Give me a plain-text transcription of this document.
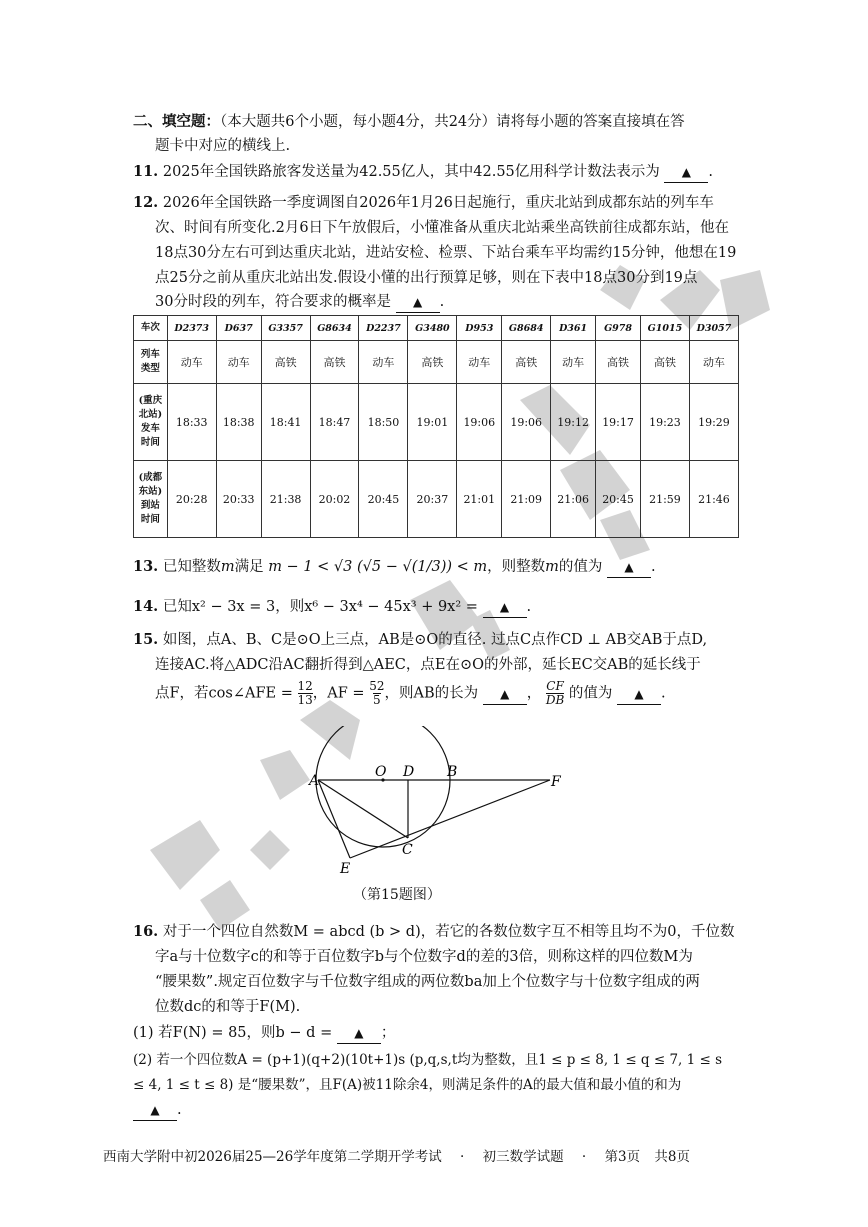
二、填空题：（本大题共6个小题，每小题4分，共24分）请将每小题的答案直接填在答
题卡中对应的横线上.
11. 2025年全国铁路旅客发送量为42.55亿人，其中42.55亿用科学计数法表示为 ▲ .
12. 2026年全国铁路一季度调图自2026年1月26日起施行，重庆北站到成都东站的列车车
次、时间有所变化.2月6日下午放假后，小懂准备从重庆北站乘坐高铁前往成都东站，他在
18点30分左右可到达重庆北站，进站安检、检票、下站台乘车平均需约15分钟，他想在19
点25分之前从重庆北站出发.假设小懂的出行预算足够，则在下表中18点30分到19点
30分时段的列车，符合要求的概率是 ▲ .
车次	D2373	D637	G3357	G8634	D2237	G3480	D953	G8684	D361	G978	G1015	D3057
列车
类型	动车	动车	高铁	高铁	动车	高铁	动车	高铁	动车	高铁	高铁	动车
(重庆
北站)
发车
时间	18:33	18:38	18:41	18:47	18:50	19:01	19:06	19:06	19:12	19:17	19:23	19:29
(成都
东站)
到站
时间	20:28	20:33	21:38	20:02	20:45	20:37	21:01	21:09	21:06	20:45	21:59	21:46
13. 已知整数m满足 m − 1 < √3 (√5 − √(1/3)) < m，则整数m的值为 ▲ .
14. 已知x² − 3x = 3，则x⁶ − 3x⁴ − 45x³ + 9x² = ▲ .
15. 如图，点A、B、C是⊙O上三点，AB是⊙O的直径. 过点C点作CD ⊥ AB交AB于点D,
连接AC.将△ADC沿AC翻折得到△AEC，点E在⊙O的外部，延长EC交AB的延长线于
点F，若cos∠AFE = $\frac{12}{13}$，AF = $\frac{52}{5}$，则AB的长为 ▲ ， $\frac{CF}{DB}$ 的值为 ▲ .
A
O D B
F
C
E
（第15题图）
16. 对于一个四位自然数M = abcd (b > d)，若它的各数位数字互不相等且均不为0，千位数
字a与十位数字c的和等于百位数字b与个位数字d的差的3倍，则称这样的四位数M为
“腰果数”.规定百位数字与千位数字组成的两位数ba加上个位数字与十位数字组成的两
位数dc的和等于F(M).
(1) 若F(N) = 85，则b − d = ▲ ；
(2) 若一个四位数A = (p+1)(q+2)(10t+1)s (p,q,s,t均为整数，且1 ≤ p ≤ 8, 1 ≤ q ≤ 7, 1 ≤ s
≤ 4, 1 ≤ t ≤ 8) 是“腰果数”，且F(A)被11除余4，则满足条件的A的最大值和最小值的和为
▲ .
西南大学附中初2026届25—26学年度第二学期开学考试 · 初三数学试题 · 第3页 共8页
